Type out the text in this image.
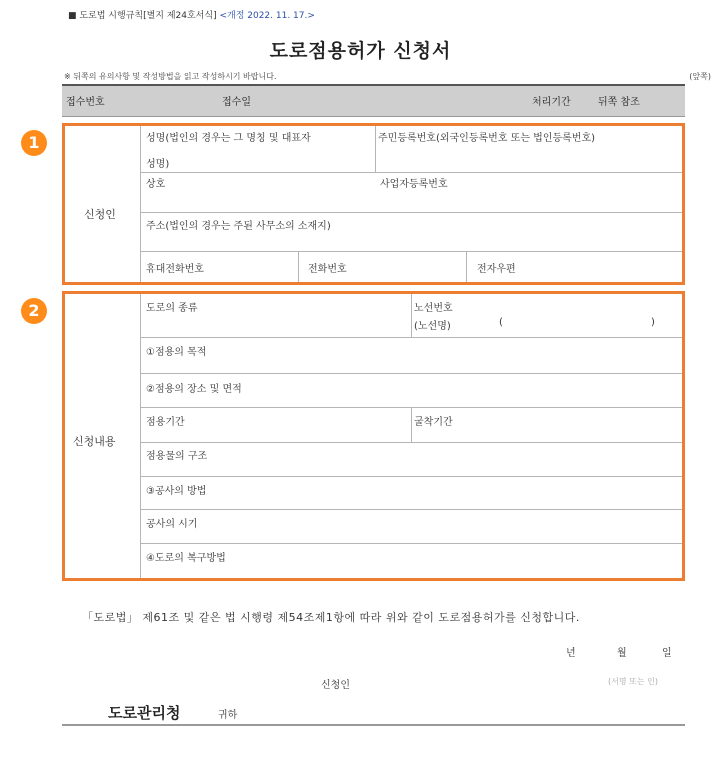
■ 도로법 시행규칙[별지 제24호서식] <개정 2022. 11. 17.>
도로점용허가 신청서
※ 뒤쪽의 유의사항 및 작성방법을 읽고 작성하시기 바랍니다.	(앞쪽)
접수번호	접수일	처리기간	뒤쪽 참조
1
신청인
성명(법인의 경우는 그 명칭 및 대표자
성명)
주민등록번호(외국인등록번호 또는 법인등록번호)
상호	사업자등록번호
주소(법인의 경우는 주된 사무소의 소재지)
휴대전화번호	전화번호	전자우편
2
신청내용
도로의 종류	노선번호
(노선명)	(	)
①점용의 목적
②점용의 장소 및 면적
점용기간	굴착기간
점용물의 구조
③공사의 방법
공사의 시기
④도로의 복구방법
「도로법」 제61조 및 같은 법 시행령 제54조제1항에 따라 위와 같이 도로점용허가를 신청합니다.
년	월	일
신청인	(서명 또는 인)
도로관리청	귀하
